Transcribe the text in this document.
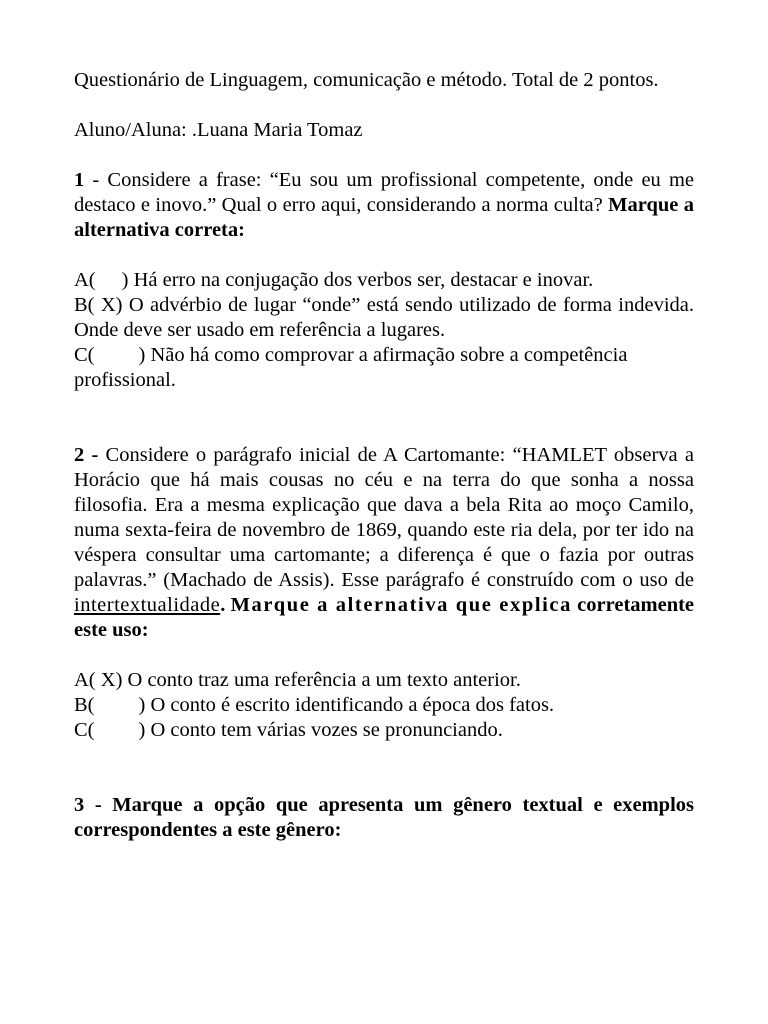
Questionário de Linguagem, comunicação e método. Total de 2 pontos.

Aluno/Aluna: .Luana Maria Tomaz

1 - Considere a frase: “Eu sou um profissional competente, onde eu me destaco e inovo.” Qual o erro aqui, considerando a norma culta? Marque a alternativa correta:

A( ) Há erro na conjugação dos verbos ser, destacar e inovar.
B( X) O advérbio de lugar “onde” está sendo utilizado de forma indevida. Onde deve ser usado em referência a lugares.
C( ) Não há como comprovar a afirmação sobre a competência profissional.

2 - Considere o parágrafo inicial de A Cartomante: “HAMLET observa a Horácio que há mais cousas no céu e na terra do que sonha a nossa filosofia. Era a mesma explicação que dava a bela Rita ao moço Camilo, numa sexta-feira de novembro de 1869, quando este ria dela, por ter ido na véspera consultar uma cartomante; a diferença é que o fazia por outras palavras.” (Machado de Assis). Esse parágrafo é construído com o uso de intertextualidade. Marque a alternativa que explica corretamente este uso:

A( X) O conto traz uma referência a um texto anterior.
B( ) O conto é escrito identificando a época dos fatos.
C( ) O conto tem várias vozes se pronunciando.

3 - Marque a opção que apresenta um gênero textual e exemplos correspondentes a este gênero:
